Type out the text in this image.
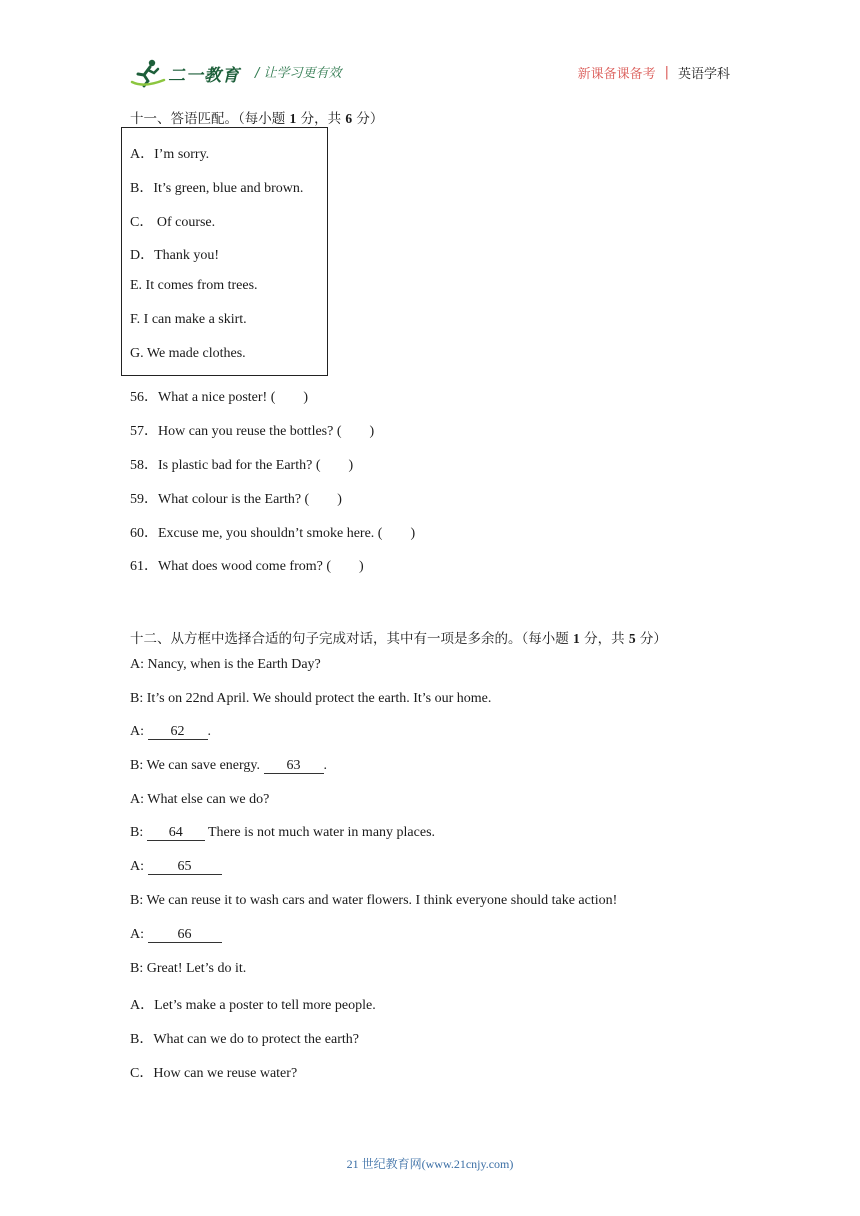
二一教育 / 让学习更有效	新课备课备考 | 英语学科
十一、答语匹配。（每小题 1 分，共 6 分）
A．I’m sorry.
B．It’s green, blue and brown.
C． Of course.
D．Thank you!
E. It comes from trees.
F. I can make a skirt.
G. We made clothes.
56．What a nice poster! ( )
57．How can you reuse the bottles? ( )
58．Is plastic bad for the Earth? ( )
59．What colour is the Earth? ( )
60．Excuse me, you shouldn’t smoke here. ( )
61．What does wood come from? ( )
十二、从方框中选择合适的句子完成对话，其中有一项是多余的。（每小题 1 分，共 5 分）
A: Nancy, when is the Earth Day?
B: It’s on 22nd April. We should protect the earth. It’s our home.
A: 62 .
B: We can save energy. 63 .
A: What else can we do?
B: 64 There is not much water in many places.
A: 65
B: We can reuse it to wash cars and water flowers. I think everyone should take action!
A: 66
B: Great! Let’s do it.
A．Let’s make a poster to tell more people.
B．What can we do to protect the earth?
C．How can we reuse water?
21 世纪教育网(www.21cnjy.com)
